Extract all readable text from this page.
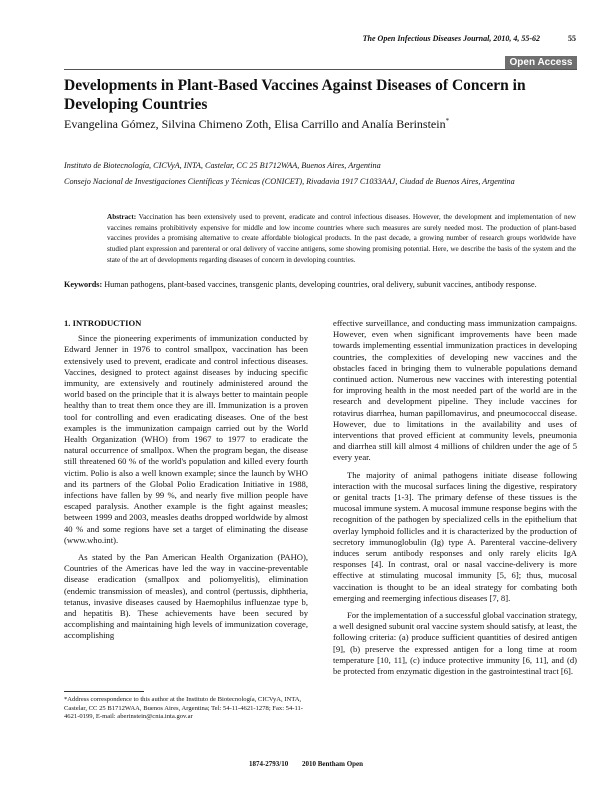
The Open Infectious Diseases Journal, 2010, 4, 55-62	55
Open Access
Developments in Plant-Based Vaccines Against Diseases of Concern in Developing Countries
Evangelina Gómez, Silvina Chimeno Zoth, Elisa Carrillo and Analía Berinstein*
Instituto de Biotecnología, CICVyA, INTA, Castelar, CC 25 B1712WAA, Buenos Aires, Argentina
Consejo Nacional de Investigaciones Científicas y Técnicas (CONICET), Rivadavia 1917 C1033AAJ, Ciudad de Buenos Aires, Argentina
Abstract: Vaccination has been extensively used to prevent, eradicate and control infectious diseases. However, the development and implementation of new vaccines remains prohibitively expensive for middle and low income countries where such measures are surely needed most. The production of plant-based vaccines provides a promising alternative to create affordable biological products. In the past decade, a growing number of research groups worldwide have studied plant expression and parenteral or oral delivery of vaccine antigens, some showing promising potential. Here, we describe the basis of the system and the state of the art of developments regarding diseases of concern in developing countries.
Keywords: Human pathogens, plant-based vaccines, transgenic plants, developing countries, oral delivery, subunit vaccines, antibody response.
1. INTRODUCTION

Since the pioneering experiments of immunization conducted by Edward Jenner in 1976 to control smallpox, vaccination has been extensively used to prevent, eradicate and control infectious diseases. Vaccines, designed to protect against diseases by inducing specific immunity, are extensively and routinely administered around the world based on the principle that it is always better to maintain people healthy than to treat them once they are ill. Immunization is a proven tool for controlling and even eradicating diseases. One of the best examples is the immunization campaign carried out by the World Health Organization (WHO) from 1967 to 1977 to eradicate the natural occurrence of smallpox. When the program began, the disease still threatened 60 % of the world's population and killed every fourth victim. Polio is also a well known example; since the launch by WHO and its partners of the Global Polio Eradication Initiative in 1988, infections have fallen by 99 %, and nearly five million people have escaped paralysis. Another example is the fight against measles; between 1999 and 2003, measles deaths dropped worldwide by almost 40 % and some regions have set a target of eliminating the disease (www.who.int).

As stated by the Pan American Health Organization (PAHO), Countries of the Americas have led the way in vaccine-preventable disease eradication (smallpox and poliomyelitis), elimination (endemic transmission of measles), and control (pertussis, diphtheria, tetanus, invasive diseases caused by Haemophilus influenzae type b, and hepatitis B). These achievements have been secured by accomplishing and maintaining high levels of immunization coverage, accomplishing

effective surveillance, and conducting mass immunization campaigns. However, even when significant improvements have been made towards implementing essential immunization practices in developing countries, the complexities of developing new vaccines and the obstacles faced in bringing them to vulnerable populations demand continued action. Numerous new vaccines with interesting potential for improving health in the most needed part of the world are in the research and development pipeline. They include vaccines for rotavirus diarrhea, human papillomavirus, and pneumococcal disease. However, due to limitations in the availability and uses of interventions that proved efficient at community levels, pneumonia and diarrhea still kill almost 4 millions of children under the age of 5 every year.

The majority of animal pathogens initiate disease following interaction with the mucosal surfaces lining the digestive, respiratory or genital tracts [1-3]. The primary defense of these tissues is the mucosal immune system. A mucosal immune response begins with the recognition of the pathogen by specialized cells in the epithelium that overlay lymphoid follicles and it is characterized by the production of secretory immunoglobulin (Ig) type A. Parenteral vaccine-delivery induces serum antibody responses and only rarely elicits IgA responses [4]. In contrast, oral or nasal vaccine-delivery is more effective at stimulating mucosal immunity [5, 6]; thus, mucosal vaccination is thought to be an ideal strategy for combating both emerging and reemerging infectious diseases [7, 8].

For the implementation of a successful global vaccination strategy, a well designed subunit oral vaccine system should satisfy, at least, the following criteria: (a) produce sufficient quantities of desired antigen [9], (b) preserve the expressed antigen for a long time at room temperature [10, 11], (c) induce protective immunity [6, 11], and (d) be protected from enzymatic digestion in the gastrointestinal tract [6].

*Address correspondence to this author at the Instituto de Biotecnología, CICVyA, INTA, Castelar, CC 25 B1712WAA, Buenos Aires, Argentina; Tel: 54-11-4621-1278; Fax: 54-11-4621-0199, E-mail: aberinstein@cnia.inta.gov.ar
1874-2793/10 2010 Bentham Open
